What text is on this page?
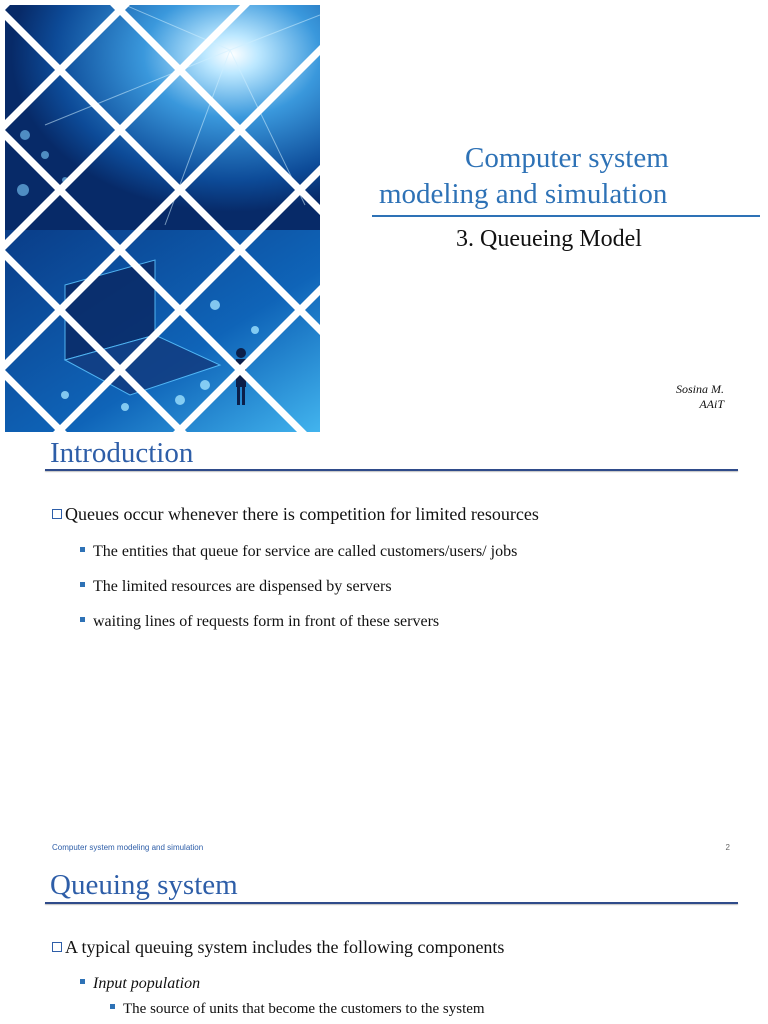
Computer system
modeling and simulation
3. Queueing Model
Sosina M.
AAiT
Introduction
Queues occur whenever there is competition for limited resources
The entities that queue for service are called customers/users/ jobs
The limited resources are dispensed by servers
waiting lines of requests form in front of these servers
Computer system modeling and simulation	2
Queuing system
A typical queuing system includes the following components
Input population
The source of units that become the customers to the system
